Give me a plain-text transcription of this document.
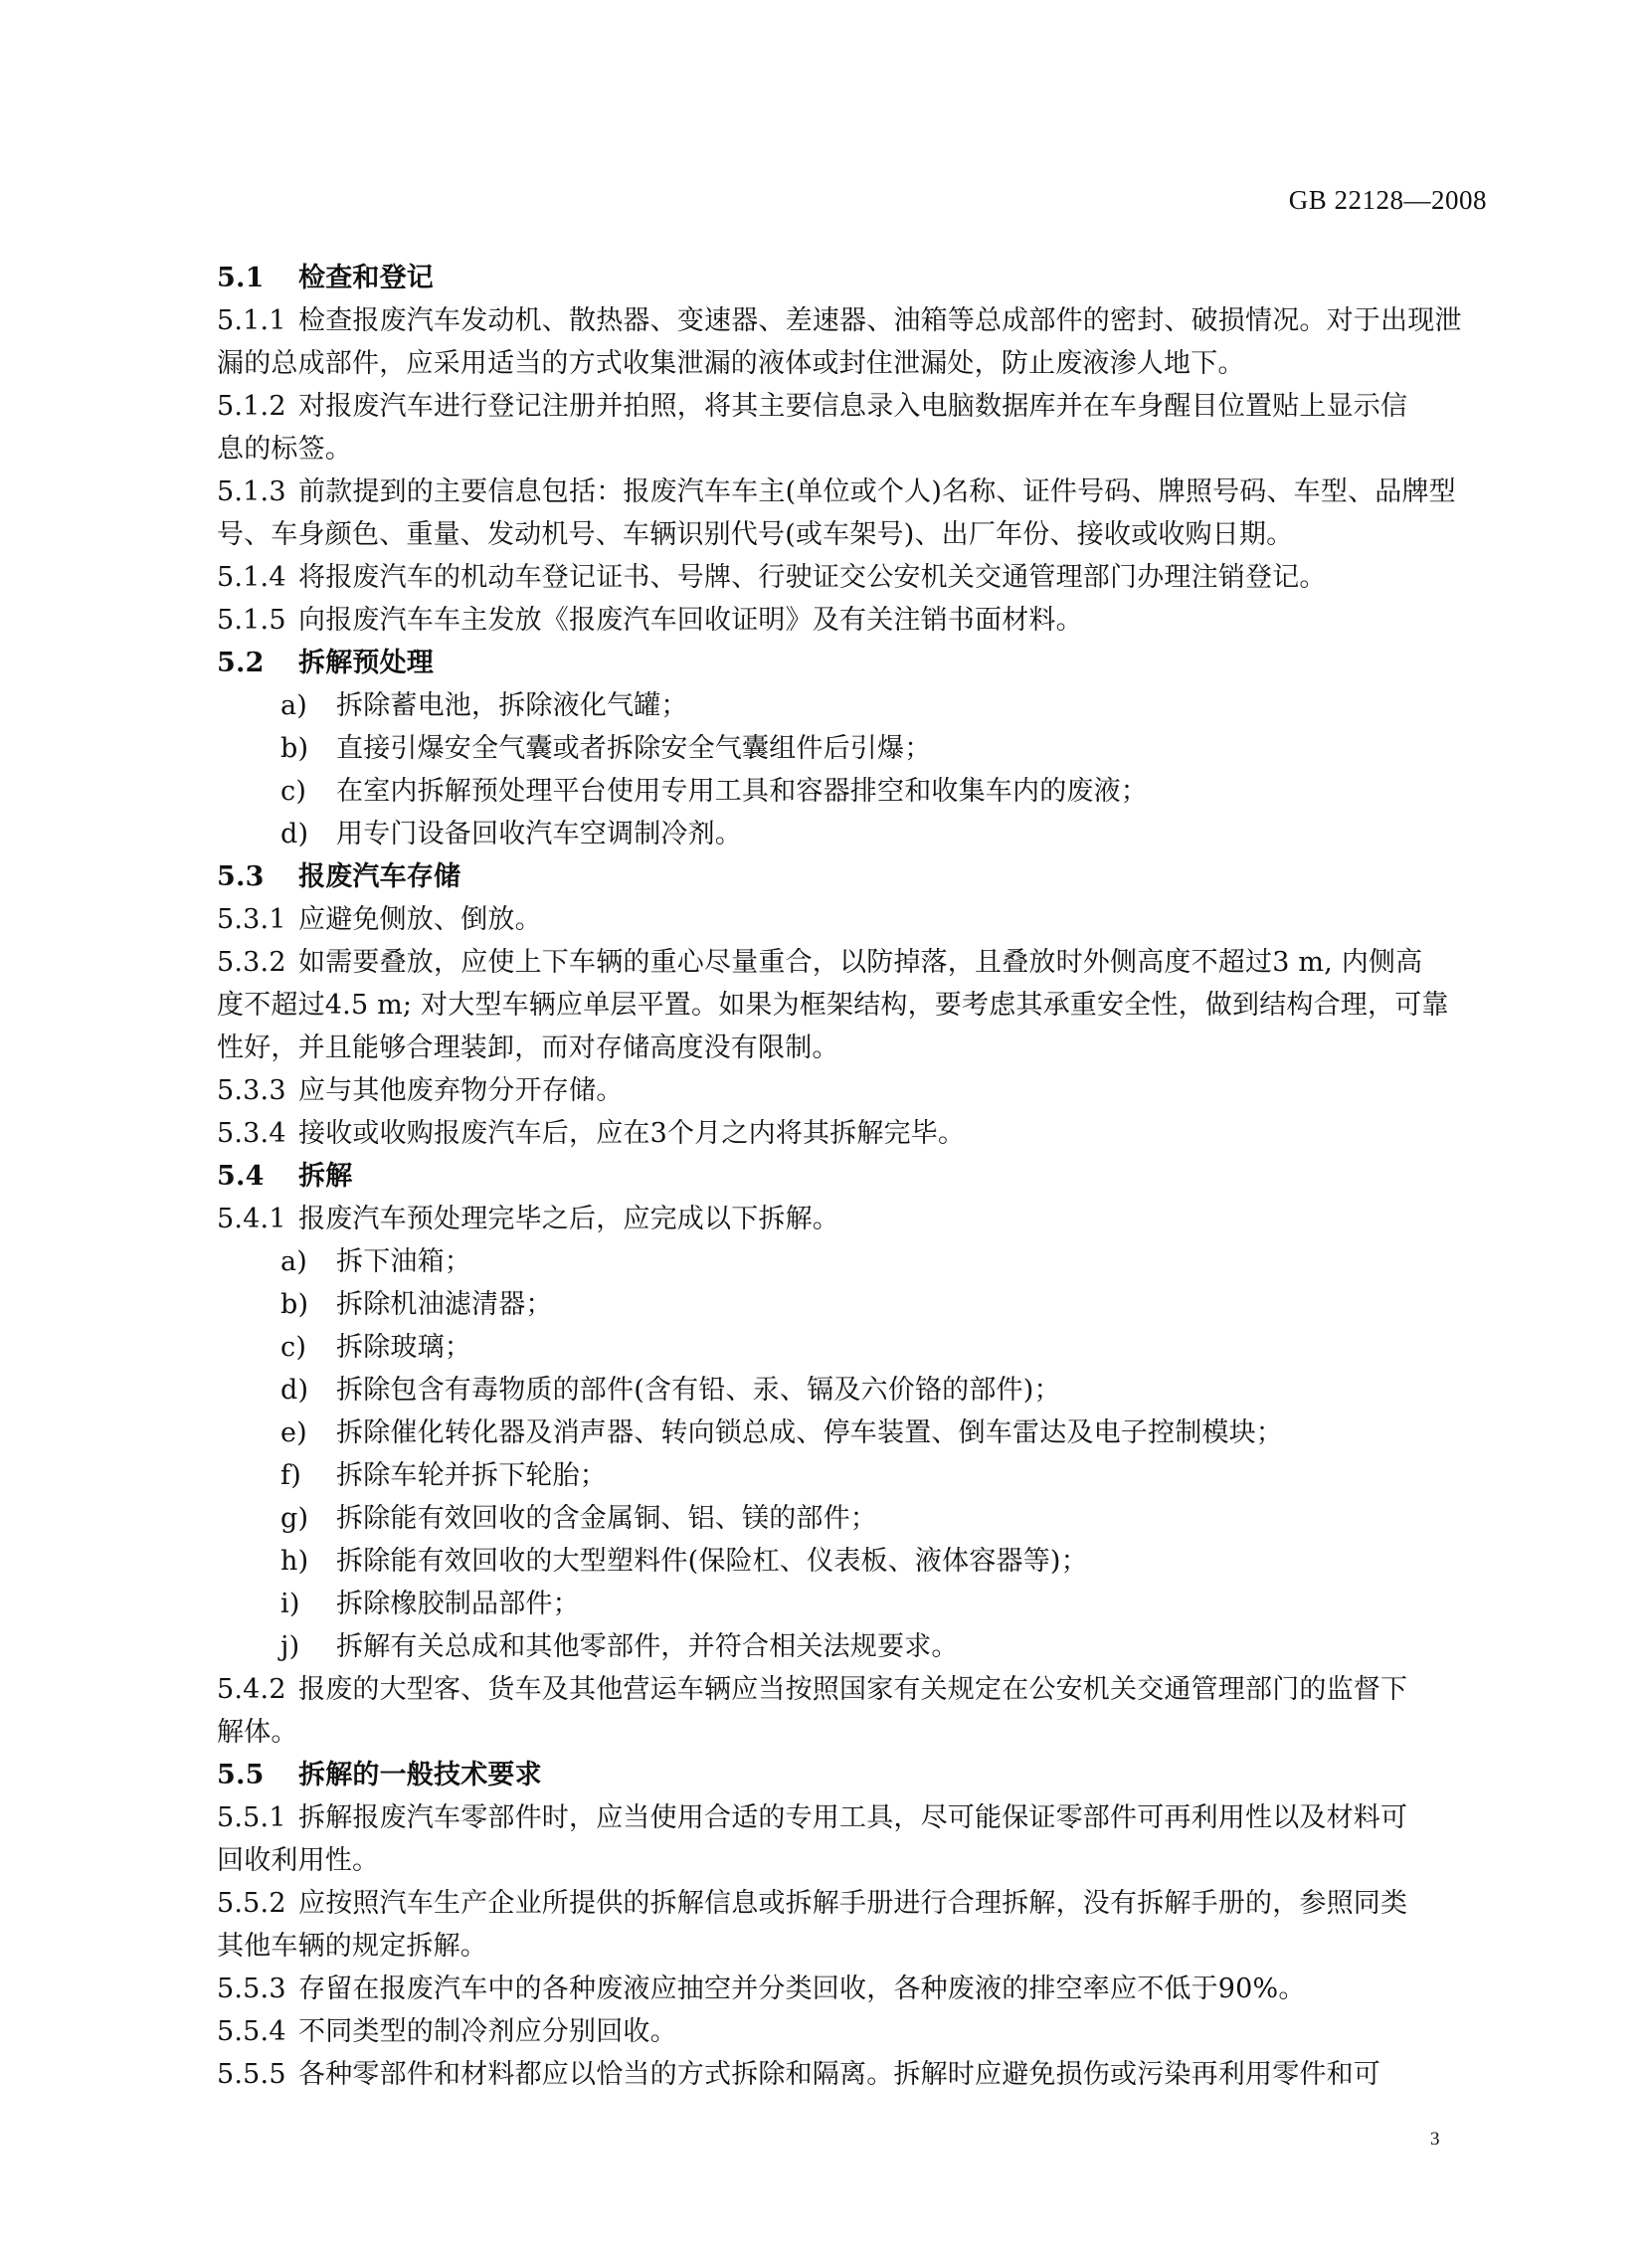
GB 22128—2008
5.1 检查和登记
5.1.1 检查报废汽车发动机、散热器、变速器、差速器、油箱等总成部件的密封、破损情况。对于出现泄
漏的总成部件，应采用适当的方式收集泄漏的液体或封住泄漏处，防止废液渗人地下。
5.1.2 对报废汽车进行登记注册并拍照，将其主要信息录入电脑数据库并在车身醒目位置贴上显示信
息的标签。
5.1.3 前款提到的主要信息包括：报废汽车车主(单位或个人)名称、证件号码、牌照号码、车型、品牌型
号、车身颜色、重量、发动机号、车辆识别代号(或车架号)、出厂年份、接收或收购日期。
5.1.4 将报废汽车的机动车登记证书、号牌、行驶证交公安机关交通管理部门办理注销登记。
5.1.5 向报废汽车车主发放《报废汽车回收证明》及有关注销书面材料。
5.2 拆解预处理
a) 拆除蓄电池，拆除液化气罐；
b) 直接引爆安全气囊或者拆除安全气囊组件后引爆；
c) 在室内拆解预处理平台使用专用工具和容器排空和收集车内的废液；
d) 用专门设备回收汽车空调制冷剂。
5.3 报废汽车存储
5.3.1 应避免侧放、倒放。
5.3.2 如需要叠放，应使上下车辆的重心尽量重合，以防掉落，且叠放时外侧高度不超过3 m, 内侧高
度不超过4.5 m; 对大型车辆应单层平置。如果为框架结构，要考虑其承重安全性，做到结构合理，可靠
性好，并且能够合理装卸，而对存储高度没有限制。
5.3.3 应与其他废弃物分开存储。
5.3.4 接收或收购报废汽车后，应在3个月之内将其拆解完毕。
5.4 拆解
5.4.1 报废汽车预处理完毕之后，应完成以下拆解。
a) 拆下油箱；
b) 拆除机油滤清器；
c) 拆除玻璃；
d) 拆除包含有毒物质的部件(含有铅、汞、镉及六价铬的部件)；
e) 拆除催化转化器及消声器、转向锁总成、停车装置、倒车雷达及电子控制模块；
f) 拆除车轮并拆下轮胎；
g) 拆除能有效回收的含金属铜、铝、镁的部件；
h) 拆除能有效回收的大型塑料件(保险杠、仪表板、液体容器等)；
i) 拆除橡胶制品部件；
j) 拆解有关总成和其他零部件，并符合相关法规要求。
5.4.2 报废的大型客、货车及其他营运车辆应当按照国家有关规定在公安机关交通管理部门的监督下
解体。
5.5 拆解的一般技术要求
5.5.1 拆解报废汽车零部件时，应当使用合适的专用工具，尽可能保证零部件可再利用性以及材料可
回收利用性。
5.5.2 应按照汽车生产企业所提供的拆解信息或拆解手册进行合理拆解，没有拆解手册的，参照同类
其他车辆的规定拆解。
5.5.3 存留在报废汽车中的各种废液应抽空并分类回收，各种废液的排空率应不低于90%。
5.5.4 不同类型的制冷剂应分别回收。
5.5.5 各种零部件和材料都应以恰当的方式拆除和隔离。拆解时应避免损伤或污染再利用零件和可
3
